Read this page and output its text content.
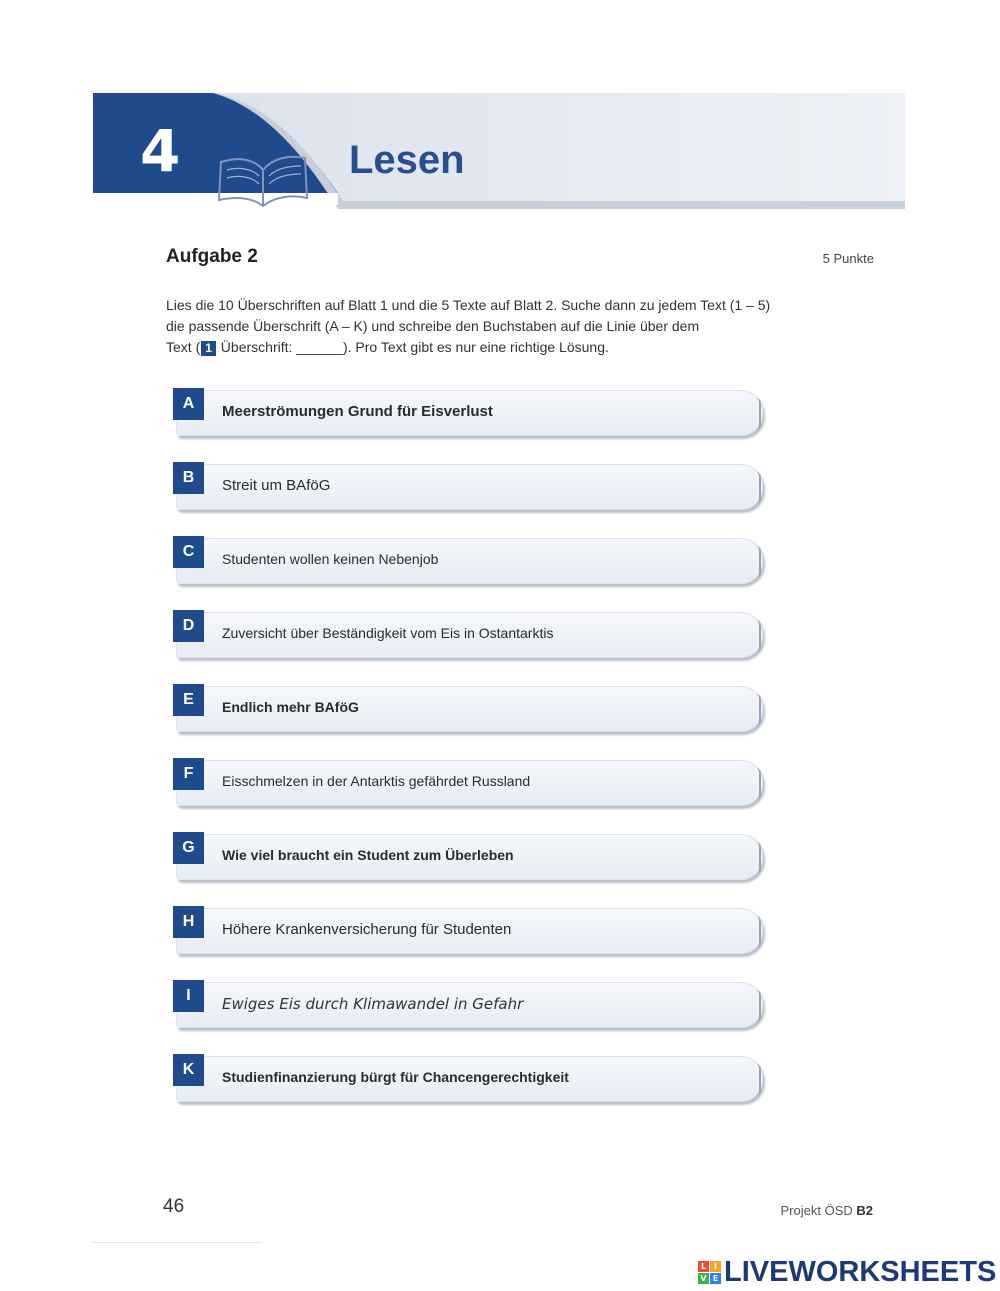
4	Lesen
Aufgabe 2	5 Punkte
Lies die 10 Überschriften auf Blatt 1 und die 5 Texte auf Blatt 2. Suche dann zu jedem Text (1 – 5)
die passende Überschrift (A – K) und schreibe den Buchstaben auf die Linie über dem
Text ( 1 Überschrift: ______). Pro Text gibt es nur eine richtige Lösung.
A	Meerströmungen Grund für Eisverlust
B	Streit um BAföG
C	Studenten wollen keinen Nebenjob
D	Zuversicht über Beständigkeit vom Eis in Ostantarktis
E	Endlich mehr BAföG
F	Eisschmelzen in der Antarktis gefährdet Russland
G	Wie viel braucht ein Student zum Überleben
H	Höhere Krankenversicherung für Studenten
I	Ewiges Eis durch Klimawandel in Gefahr
K	Studienfinanzierung bürgt für Chancengerechtigkeit
46	Projekt ÖSD B2
L I
V E LIVEWORKSHEETS
